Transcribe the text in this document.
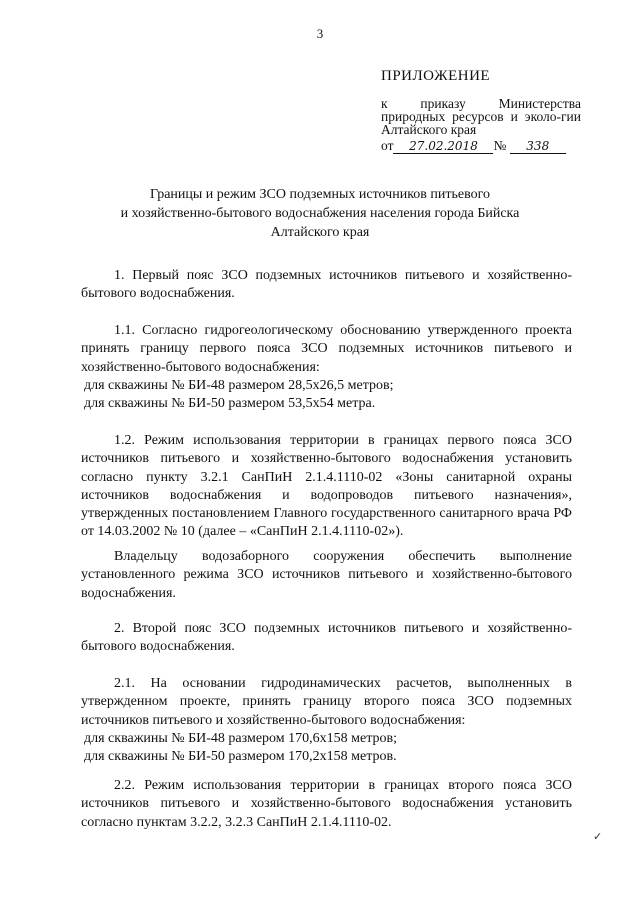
3
ПРИЛОЖЕНИЕ
к приказу Министерства природных ресурсов и эколо-гии Алтайского края
от 27.02.2018 № 338
Границы и режим ЗСО подземных источников питьевого
и хозяйственно-бытового водоснабжения населения города Бийска
Алтайского края
1. Первый пояс ЗСО подземных источников питьевого и хозяйственно-бытового водоснабжения.
1.1. Согласно гидрогеологическому обоснованию утвержденного проекта принять границу первого пояса ЗСО подземных источников питьевого и хозяйственно-бытового водоснабжения:
для скважины № БИ-48 размером 28,5x26,5 метров;
для скважины № БИ-50 размером 53,5x54 метра.
1.2. Режим использования территории в границах первого пояса ЗСО источников питьевого и хозяйственно-бытового водоснабжения установить согласно пункту 3.2.1 СанПиН 2.1.4.1110-02 «Зоны санитарной охраны источников водоснабжения и водопроводов питьевого назначения», утвержденных постановлением Главного государственного санитарного врача РФ от 14.03.2002 № 10 (далее – «СанПиН 2.1.4.1110-02»).
Владельцу водозаборного сооружения обеспечить выполнение установленного режима ЗСО источников питьевого и хозяйственно-бытового водоснабжения.
2. Второй пояс ЗСО подземных источников питьевого и хозяйственно-бытового водоснабжения.
2.1. На основании гидродинамических расчетов, выполненных в утвержденном проекте, принять границу второго пояса ЗСО подземных источников питьевого и хозяйственно-бытового водоснабжения:
для скважины № БИ-48 размером 170,6x158 метров;
для скважины № БИ-50 размером 170,2x158 метров.
2.2. Режим использования территории в границах второго пояса ЗСО источников питьевого и хозяйственно-бытового водоснабжения установить согласно пунктам 3.2.2, 3.2.3 СанПиН 2.1.4.1110-02.
✓
